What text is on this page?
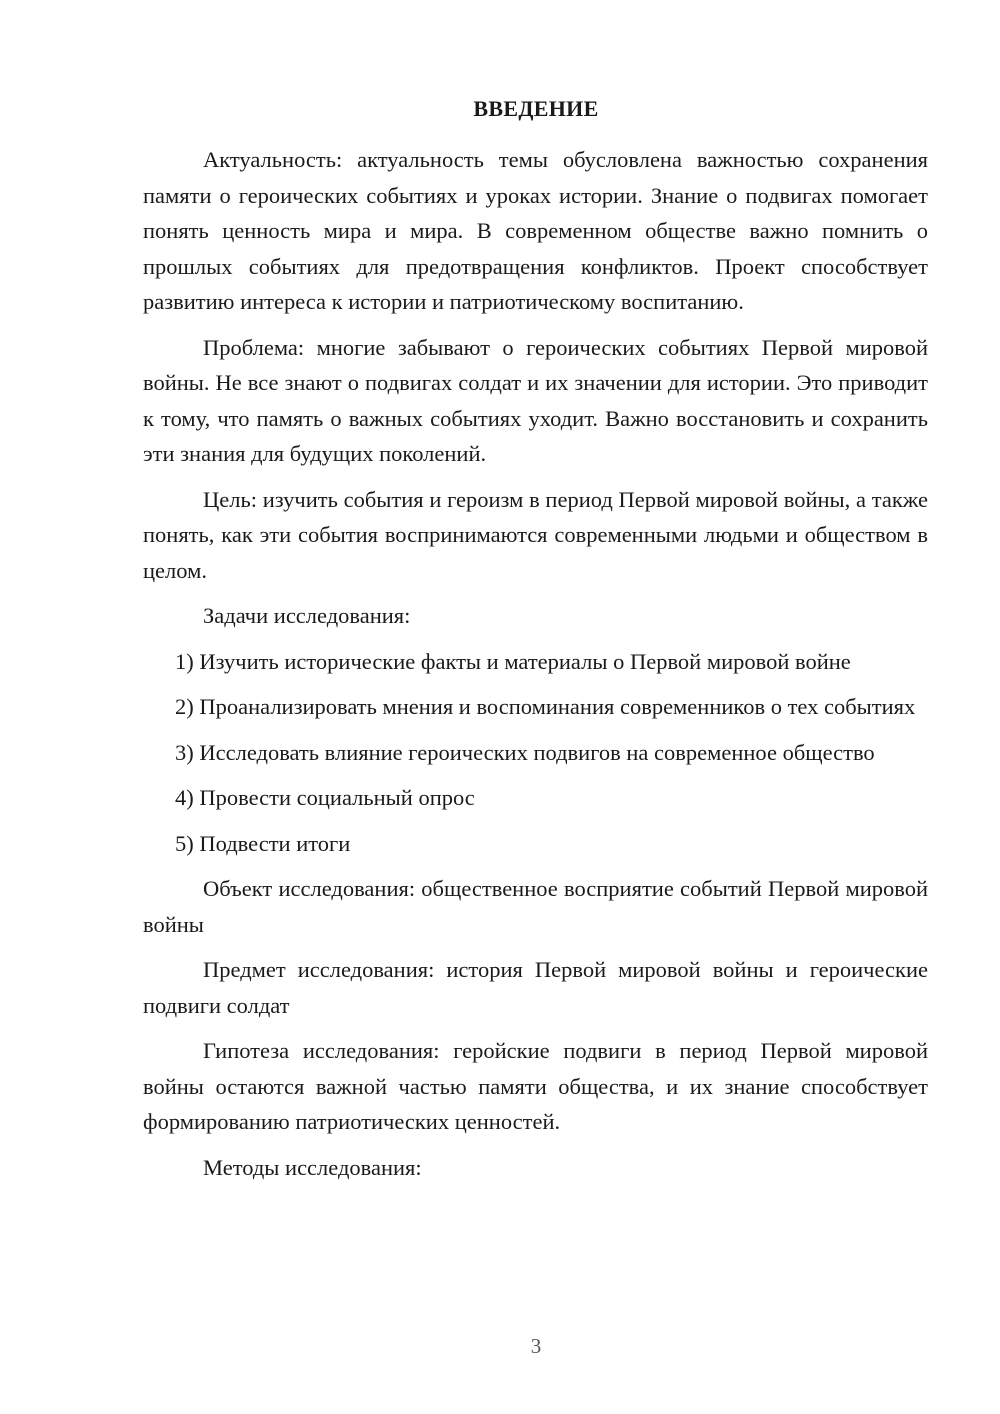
ВВЕДЕНИЕ

Актуальность: актуальность темы обусловлена важностью сохранения памяти о героических событиях и уроках истории. Знание о подвигах помогает понять ценность мира и мира. В современном обществе важно помнить о прошлых событиях для предотвращения конфликтов. Проект способствует развитию интереса к истории и патриотическому воспитанию.

Проблема: многие забывают о героических событиях Первой мировой войны. Не все знают о подвигах солдат и их значении для истории. Это приводит к тому, что память о важных событиях уходит. Важно восстановить и сохранить эти знания для будущих поколений.

Цель: изучить события и героизм в период Первой мировой войны, а также понять, как эти события воспринимаются современными людьми и обществом в целом.

Задачи исследования:

1) Изучить исторические факты и материалы о Первой мировой войне

2) Проанализировать мнения и воспоминания современников о тех событиях

3) Исследовать влияние героических подвигов на современное общество

4) Провести социальный опрос

5) Подвести итоги

Объект исследования: общественное восприятие событий Первой мировой войны

Предмет исследования: история Первой мировой войны и героические подвиги солдат

Гипотеза исследования: геройские подвиги в период Первой мировой войны остаются важной частью памяти общества, и их знание способствует формированию патриотических ценностей.

Методы исследования:

3
